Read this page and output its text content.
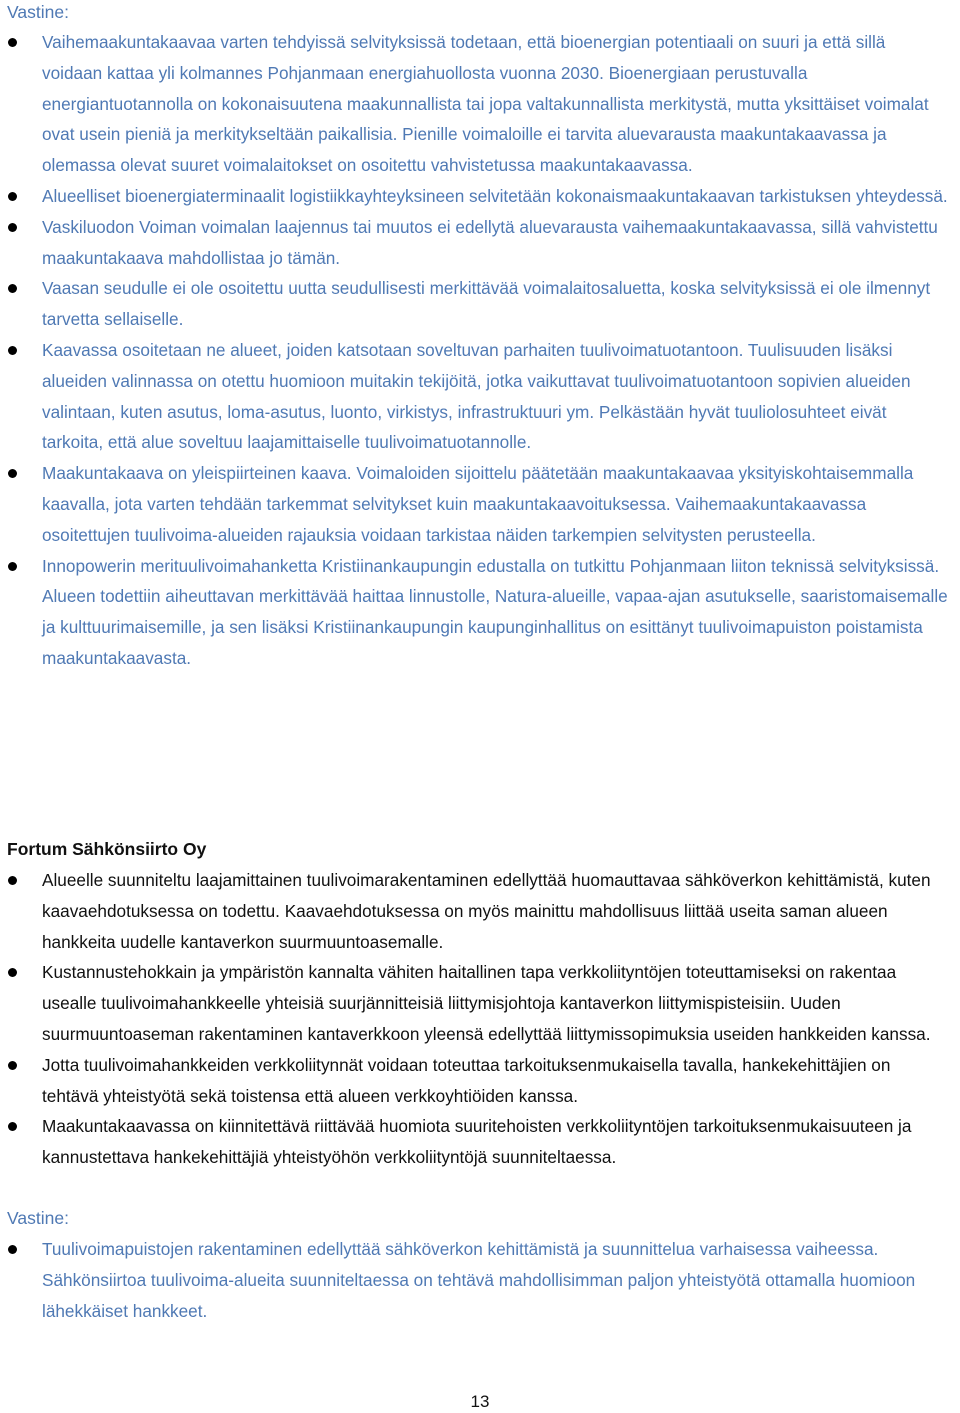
Vastine:

Vaihemaakuntakaavaa varten tehdyissä selvityksissä todetaan, että bioenergian potentiaali on suuri ja että sillä voidaan kattaa yli kolmannes Pohjanmaan energiahuollosta vuonna 2030. Bioenergiaan perustuvalla energiantuotannolla on kokonaisuutena maakunnallista tai jopa valtakunnallista merkitystä, mutta yksittäiset voimalat ovat usein pieniä ja merkitykseltään paikallisia. Pienille voimaloille ei tarvita aluevarausta maakuntakaavassa ja olemassa olevat suuret voimalaitokset on osoitettu vahvistetussa maakuntakaavassa.
Alueelliset bioenergiaterminaalit logistiikkayhteyksineen selvitetään kokonaismaakuntakaavan tarkistuksen yhteydessä.
Vaskiluodon Voiman voimalan laajennus tai muutos ei edellytä aluevarausta vaihemaakuntakaavassa, sillä vahvistettu maakuntakaava mahdollistaa jo tämän.
Vaasan seudulle ei ole osoitettu uutta seudullisesti merkittävää voimalaitosaluetta, koska selvityksissä ei ole ilmennyt tarvetta sellaiselle.
Kaavassa osoitetaan ne alueet, joiden katsotaan soveltuvan parhaiten tuulivoimatuotantoon. Tuulisuuden lisäksi alueiden valinnassa on otettu huomioon muitakin tekijöitä, jotka vaikuttavat tuulivoimatuotantoon sopivien alueiden valintaan, kuten asutus, loma-asutus, luonto, virkistys, infrastruktuuri ym. Pelkästään hyvät tuuliolosuhteet eivät tarkoita, että alue soveltuu laajamittaiselle tuulivoimatuotannolle.
Maakuntakaava on yleispiirteinen kaava. Voimaloiden sijoittelu päätetään maakuntakaavaa yksityiskohtaisemmalla kaavalla, jota varten tehdään tarkemmat selvitykset kuin maakuntakaavoituksessa. Vaihemaakuntakaavassa osoitettujen tuulivoima-alueiden rajauksia voidaan tarkistaa näiden tarkempien selvitysten perusteella.
Innopowerin merituulivoimahanketta Kristiinankaupungin edustalla on tutkittu Pohjanmaan liiton teknissä selvityksissä. Alueen todettiin aiheuttavan merkittävää haittaa linnustolle, Natura-alueille, vapaa-ajan asutukselle, saaristomaisemalle ja kulttuurimaisemille, ja sen lisäksi Kristiinankaupungin kaupunginhallitus on esittänyt tuulivoimapuiston poistamista maakuntakaavasta.

Fortum Sähkönsiirto Oy

Alueelle suunniteltu laajamittainen tuulivoimarakentaminen edellyttää huomauttavaa sähköverkon kehittämistä, kuten kaavaehdotuksessa on todettu. Kaavaehdotuksessa on myös mainittu mahdollisuus liittää useita saman alueen hankkeita uudelle kantaverkon suurmuuntoasemalle.
Kustannustehokkain ja ympäristön kannalta vähiten haitallinen tapa verkkoliityntöjen toteuttamiseksi on rakentaa usealle tuulivoimahankkeelle yhteisiä suurjännitteisiä liittymisjohtoja kantaverkon liittymispisteisiin. Uuden suurmuuntoaseman rakentaminen kantaverkkoon yleensä edellyttää liittymissopimuksia useiden hankkeiden kanssa.
Jotta tuulivoimahankkeiden verkkoliitynnät voidaan toteuttaa tarkoituksenmukaisella tavalla, hankekehittäjien on tehtävä yhteistyötä sekä toistensa että alueen verkkoyhtiöiden kanssa.
Maakuntakaavassa on kiinnitettävä riittävää huomiota suuritehoisten verkkoliityntöjen tarkoituksenmukaisuuteen ja kannustettava hankekehittäjiä yhteistyöhön verkkoliityntöjä suunniteltaessa.

Vastine:

Tuulivoimapuistojen rakentaminen edellyttää sähköverkon kehittämistä ja suunnittelua varhaisessa vaiheessa. Sähkönsiirtoa tuulivoima-alueita suunniteltaessa on tehtävä mahdollisimman paljon yhteistyötä ottamalla huomioon lähekkäiset hankkeet.
13
